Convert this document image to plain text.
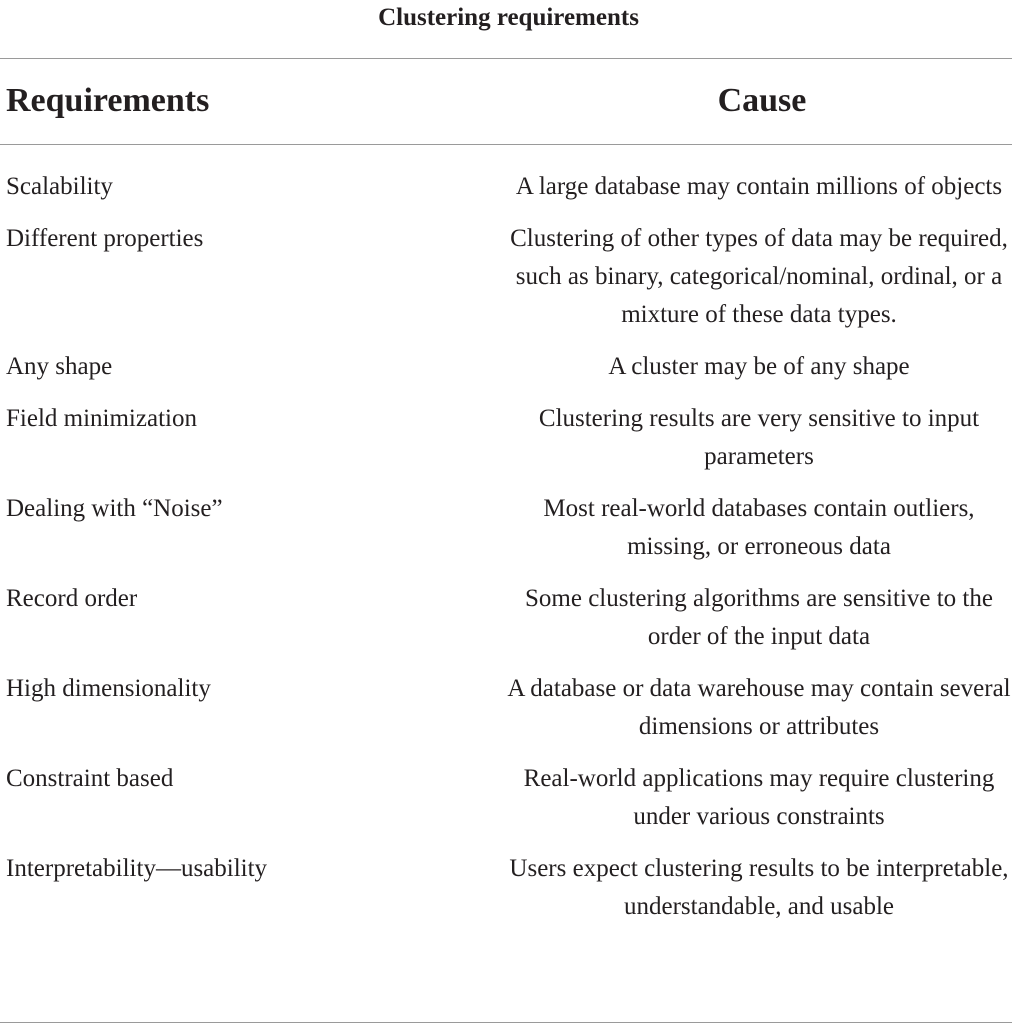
Clustering requirements
Requirements	Cause
Scalability	A large database may contain millions of objects
Different properties	Clustering of other types of data may be required, such as binary, categorical/nominal, ordinal, or a mixture of these data types.
Any shape	A cluster may be of any shape
Field minimization	Clustering results are very sensitive to input parameters
Dealing with “Noise”	Most real-world databases contain outliers, missing, or erroneous data
Record order	Some clustering algorithms are sensitive to the order of the input data
High dimensionality	A database or data warehouse may contain several dimensions or attributes
Constraint based	Real-world applications may require clustering under various constraints
Interpretability—usability	Users expect clustering results to be interpretable, understandable, and usable
